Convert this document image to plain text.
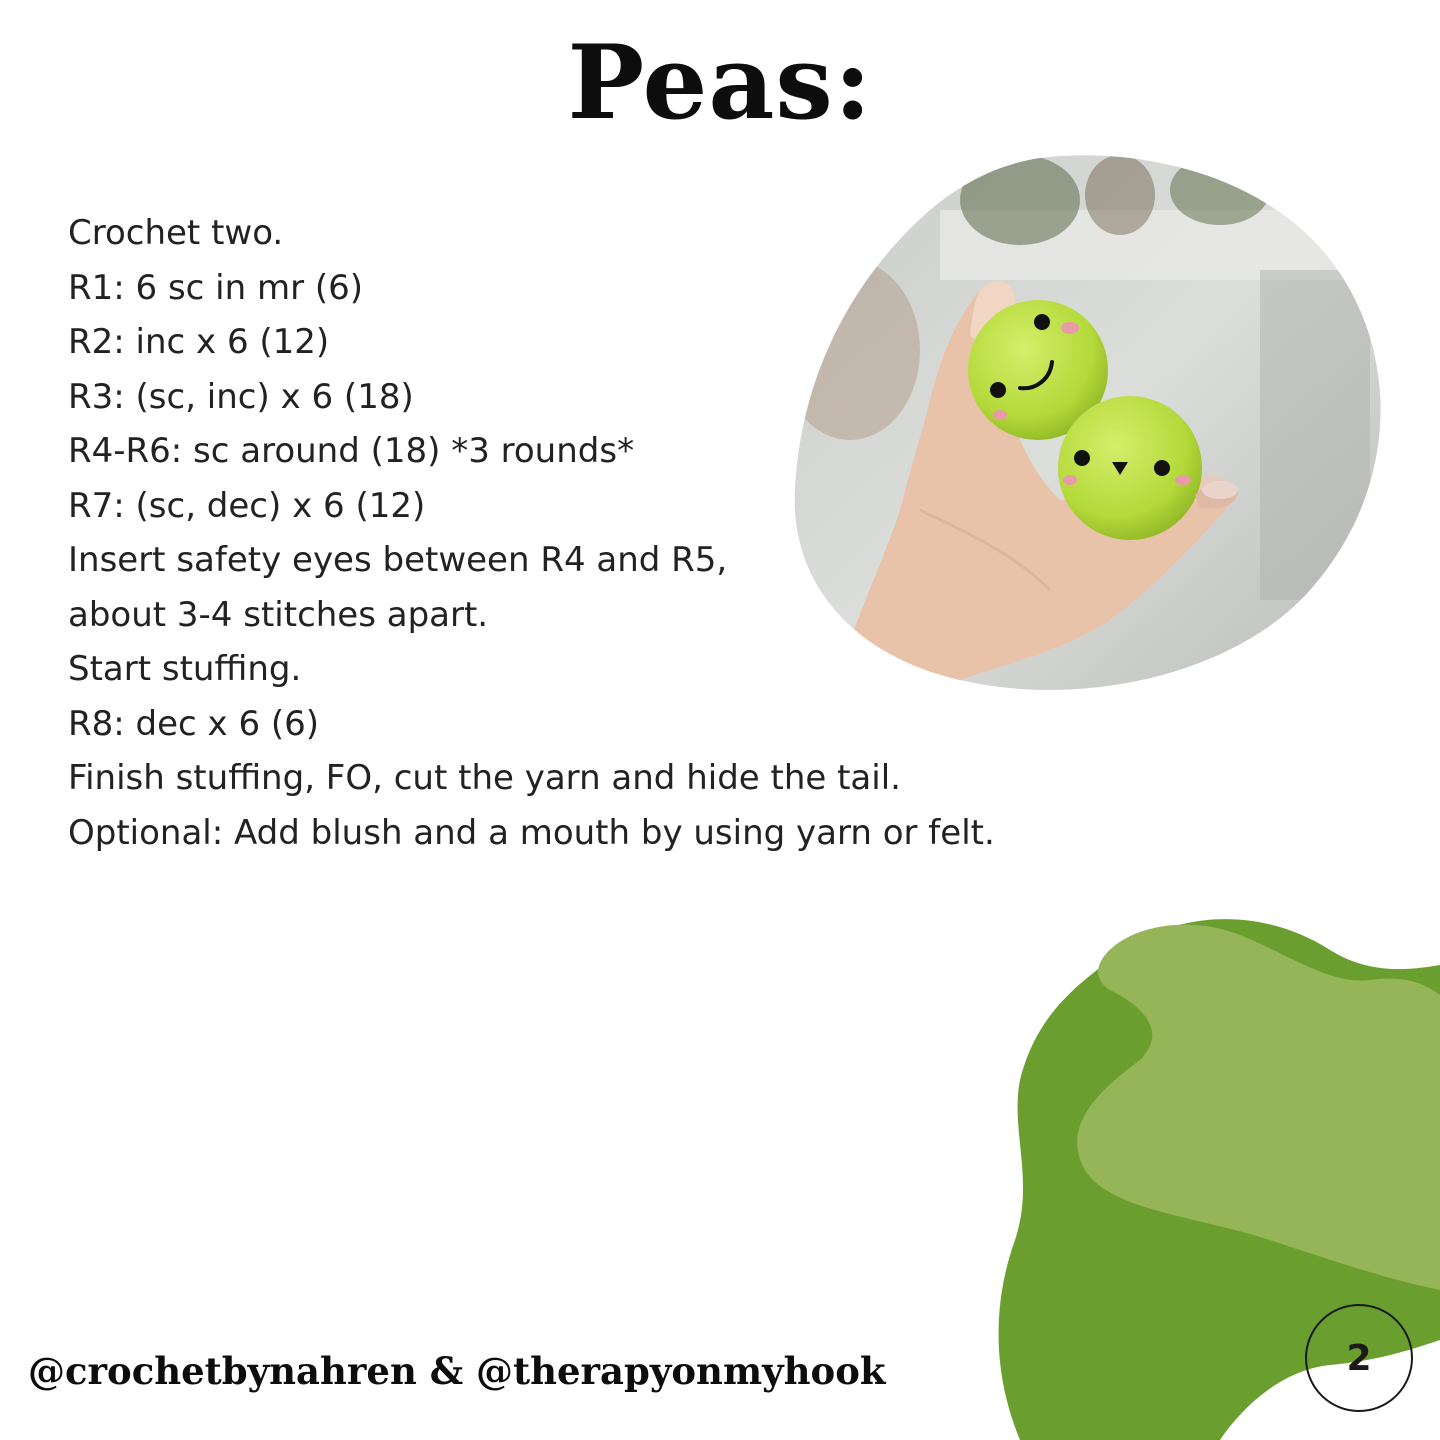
Peas:
Crochet two.
R1: 6 sc in mr (6)
R2: inc x 6 (12)
R3: (sc, inc) x 6 (18)
R4-R6: sc around (18) *3 rounds*
R7: (sc, dec) x 6 (12)
Insert safety eyes between R4 and R5,
about 3-4 stitches apart.
Start stuffing.
R8: dec x 6 (6)
Finish stuffing, FO, cut the yarn and hide the tail.
Optional: Add blush and a mouth by using yarn or felt.
@crochetbynahren & @therapyonmyhook	2
